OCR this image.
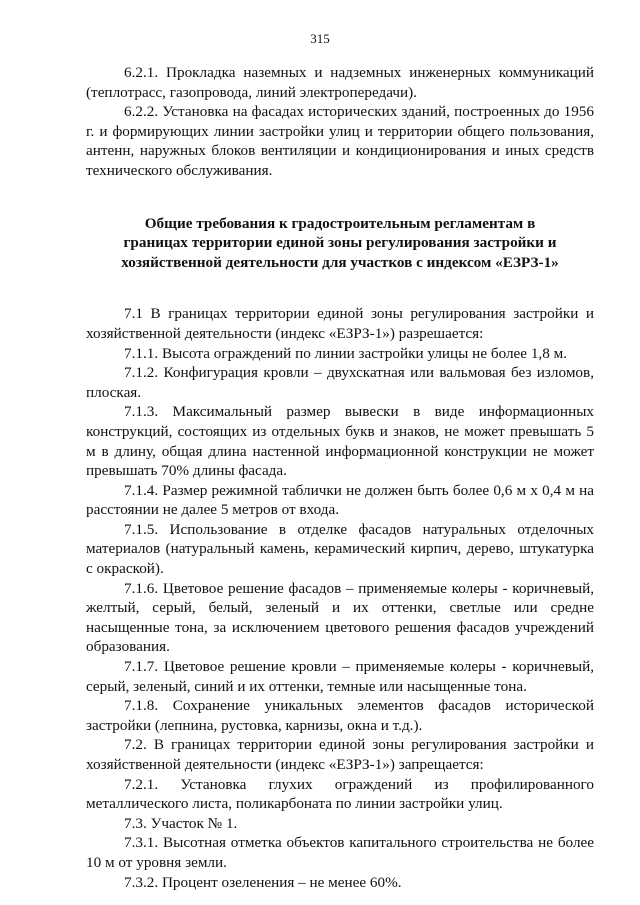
315

6.2.1. Прокладка наземных и надземных инженерных коммуникаций (теплотрасс, газопровода, линий электропередачи).

6.2.2. Установка на фасадах исторических зданий, построенных до 1956 г. и формирующих линии застройки улиц и территории общего пользования, антенн, наружных блоков вентиляции и кондиционирования и иных средств технического обслуживания.

Общие требования к градостроительным регламентам в
границах территории единой зоны регулирования застройки и
хозяйственной деятельности для участков с индексом «ЕЗРЗ-1»

7.1 В границах территории единой зоны регулирования застройки и хозяйственной деятельности (индекс «ЕЗРЗ-1») разрешается:

7.1.1. Высота ограждений по линии застройки улицы не более 1,8 м.

7.1.2. Конфигурация кровли – двухскатная или вальмовая без изломов, плоская.

7.1.3. Максимальный размер вывески в виде информационных конструкций, состоящих из отдельных букв и знаков, не может превышать 5 м в длину, общая длина настенной информационной конструкции не может превышать 70% длины фасада.

7.1.4. Размер режимной таблички не должен быть более 0,6 м х 0,4 м на расстоянии не далее 5 метров от входа.

7.1.5. Использование в отделке фасадов натуральных отделочных материалов (натуральный камень, керамический кирпич, дерево, штукатурка с окраской).

7.1.6. Цветовое решение фасадов – применяемые колеры - коричневый, желтый, серый, белый, зеленый и их оттенки, светлые или средне насыщенные тона, за исключением цветового решения фасадов учреждений образования.

7.1.7. Цветовое решение кровли – применяемые колеры - коричневый, серый, зеленый, синий и их оттенки, темные или насыщенные тона.

7.1.8. Сохранение уникальных элементов фасадов исторической застройки (лепнина, рустовка, карнизы, окна и т.д.).

7.2. В границах территории единой зоны регулирования застройки и хозяйственной деятельности (индекс «ЕЗРЗ-1») запрещается:

7.2.1. Установка глухих ограждений из профилированного металлического листа, поликарбоната по линии застройки улиц.

7.3. Участок № 1.

7.3.1. Высотная отметка объектов капитального строительства не более 10 м от уровня земли.

7.3.2. Процент озеленения – не менее 60%.
